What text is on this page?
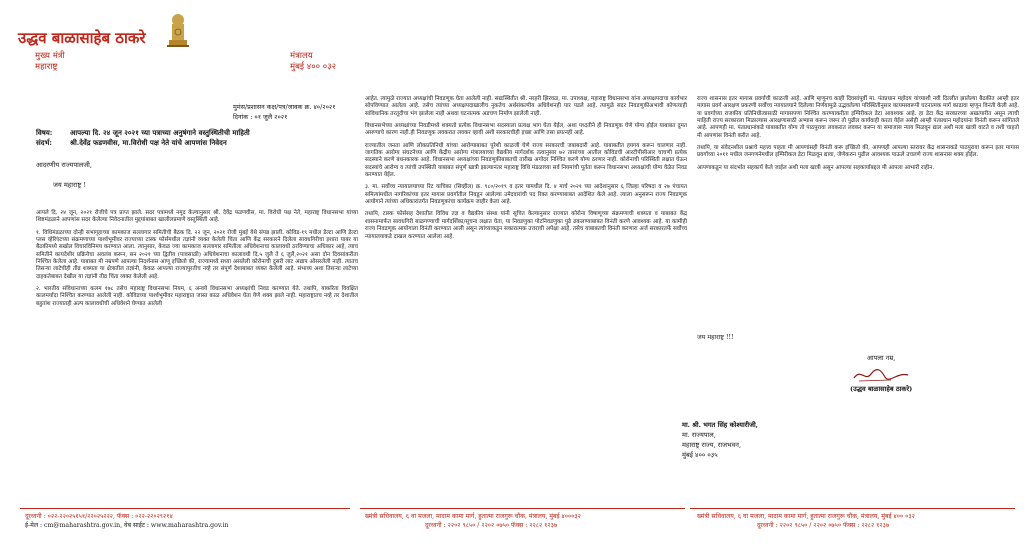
उद्धव बाळासाहेब ठाकरे
मुख्य मंत्री
महाराष्ट्र
मंत्रालय
मुंबई ४०० ०३२
मुमंस/प्रशासन कक्ष/पत्र/जावक क्र. ४०/२०२१
दिनांक : ०१ जुलै २०२१
विषय:	आपल्या दि. २४ जून २०२१ च्या पत्राच्या अनुषंगाने वस्तुस्थितीची माहिती
संदर्भ:	श्री.देवेंद्र फडणवीस, मा.विरोधी पक्ष नेते यांचे आपणांस निवेदन
आदरणीय राज्यपालजी,
जय महाराष्ट्र !

आपले दि. २४ जून, २०२१ रोजीचे पत्र प्राप्त झाले. सदर पत्रामध्ये नमूद केल्यानुसार श्री. देवेंद्र फडणवीस, मा. विरोधी पक्ष नेते, महाराष्ट्र विधानसभा यांच्या शिष्टमंडळाने आपणांस सदर केलेल्या निवेदनातील मुद्दयांबाबत खालीलप्रमाणे वस्तुस्थिती आहे.

१. विधिमंडळाच्या दोन्ही सभागृहाच्या कामकाज सल्लागार समितीची बैठक दि. २२ जून, २०२१ रोजी मुंबई येथे संपन्न झाली. कोविड-१९ मधील डेल्टा आणि डेल्टा प्लस व्हेरिएंटच्या संक्रमणाच्या पार्श्वभूमीवर राज्याच्या टास्क फोर्समधील तज्ञांनी व्यक्त केलेली चिंता आणि केंद्र सरकारने दिलेला सावधगिरीचा इशारा याबर या बैठकीमध्ये सखोल विचारविनिमय करण्यात आला. त्यानुसार, केवळ ज्या कामकाज सल्लागार समितीला अधिवेशनाचा कालावधी ठरविण्याचा अधिकार आहे, त्याच समितीने कायदेशीर प्रक्रियेचा अवलंब करून, सन २०२१ च्या द्वितीय (पावसाळी) अधिवेशनाचा कालावधी दि.५ जुलै ते ६ जुलै,२०२१ असा दोन दिवसांकरीता निश्चित केलेला आहे. याबाबत मी नम्रपणे आपल्या निदर्शनास आणू इच्छितो की, राज्यामध्ये सध्या असलेली कोरोनाची दुसरी लाट अद्याप ओसरलेली नाही. त्यातच तिसऱ्या लाटेचीही तीव्र शक्यता या क्षेत्रातील तज्ञांनी, केवळ आपल्या राज्यापुरतीच नव्हे तर संपूर्ण देशाबाबत व्यक्त केलेली आहे. संभाव्य अशा तिसऱ्या लाटेच्या दाहकतेबाबत देखील या तज्ञांनी तीव्र चिंता व्यक्त केलेली आहे.

२. भारतीय संविधानाच्या कलम १७८ तसेच महाराष्ट्र विधानसभा नियम, ६ अन्वये विधानसभा अध्यक्षांची निवड करण्यात येते. तथापि, याकरिता विवक्षित कालमर्यादा निश्चित करण्यात आलेली नाही. कोविडच्या पार्श्वभूमीवर महाराष्ट्रात जास्त काळ अधिवेशन घेता येणे शक्य झाले नाही. महाराष्ट्रातच नव्हे तर देशातील बहुतांश राज्यातही अल्प कालावधीची अधिवेशने घेण्यात आलेली

आहेत. त्यामुळे राज्यात अध्यक्षांची निवडणूक घेता आलेली नाही. सद्यःस्थितीत श्री. नरहरी झिरवळ, मा. उपाध्यक्ष, महाराष्ट्र विधानसभा यांना अध्यक्षपदाचा कार्यभार सोपविण्यात आलेला आहे. तसेच त्यांच्या अध्यक्षपदाखालीच नुकतेच अर्थसंकल्पीय अधिवेशनही पार पडले आहे. त्यामुळे सदर निवडणुकीअभावी कोणत्याही सांविधानिक तरतूदीचा भंग झालेला नाही अथवा घटनात्मक अडचण निर्माण झालेली नाही.

विधानसभेच्या अध्यक्षांच्या निवडीमध्ये शक्यतो प्रत्येक विधानसभा सदस्याला प्रत्यक्ष भाग घेता येईल, अशा पध्दतीने ही निवडणूक घेणे योग्य होईल याबाबत दुमत असण्याचे कारण नाही.ही निवडणूक लवकरात लवकर व्हावी अशी सरकारचीही इच्छा आणि तसा प्रयत्नही आहे.

राज्यातील जनता आणि लोकप्रतिनिधी यांच्या आरोग्याबाबत पुरेशी काळजी घेणे राज्य सरकारची जबाबदारी आहे. याबाबतीत हयगय करून चालणार नाही. जागतिक आरोग्य संघटनेच्या आणि केंद्रीय आरोग्य मंत्रालयाच्या वैद्यकीय मार्गदर्शक तत्वानुसार ७२ तासांच्या आतील कोविडची आरटीपीसीआर चाचणी प्रत्येक सदस्याने करणे बंधनकारक आहे. विधानसभा अध्यक्षांच्या निवडणुकीबाबतची तारीख अगोदर निश्चित करणे योग्य ठरणार नाही. कोरोनाची परिस्थिती लक्षात घेऊन सदस्यांचे आरोग्य व त्यांची उपस्थिती याबाबत संपूर्ण खात्री झाल्यानंतर महाराष्ट्र विधि मंडळाच्या सर्व नियमांची पूर्तता करून विधानसभा अध्यक्षांची योग्य वेळेत निवड करण्यात येईल.

३. मा. सर्वोच्च न्यायालयाच्या रिट याचिका (सिव्हील) क्र. ९८०/२०१९ व इतर यामधील दि. ४ मार्च २०२१ च्या आदेशानुसार ६ जिल्हा परिषदा व २७ पंचायत समित्यांमधील नागरिकांच्या इतर मागास प्रवर्गातील निवडून आलेल्या उमेदवारांची पद रिक्त करण्याबाबत आदेशित केले आहे. त्याला अनुसरून राज्य निवडणूक आयोगाने त्यांच्या अधिकारांतर्गत निवडणुकांचा कार्यक्रम जाहीर केला आहे.

तथापि, टास्क फोर्ससह देशातील विविध तज्ञ व वैद्यकीय संस्था यांनी सूचित केल्यानुसार राज्यात कोरोना विषाणूच्या संक्रमणाची शक्यता व याबाबत केंद्र शासनामार्फत सावधगिरी बाळगण्याची मार्गदर्शिका/सूचना लक्षात घेता, या निवडणुका पोटनिवडणुका पुढे ढकलण्याबाबत विनंती करणे आवश्यक आहे. या कामीही राज्य निवडणूक आयोगाला विनंती करण्यात आली असून त्यांच्याकडून सकारात्मक उत्तराची अपेक्षा आहे. तसेच याबाबतची विनंती करणारा अर्ज सरकारतर्फे सर्वोच्च न्यायालयाकडे दाखल करण्यात आलेला आहे.

राज्य शासनास इतर मागास प्रवर्गाची काळजी आहे. आणि म्हणूनच काही दिवसांपूर्वी मा. पंतप्रधान महोदय यांच्याशी नवी दिल्लीत झालेल्या बैठकीत आम्ही इतर मागास प्रवर्ग आरक्षण प्रकरणी सर्वोच्च न्यायालयाने दिलेल्या निर्णयामुळे उद्भवलेल्या परिस्थितीनुसार कायमस्वरूपी घटनात्मक मार्ग काढावा म्हणून विनंती केली आहे. या प्रवर्गाच्या राजकीय प्रतिनिधीत्वासाठी मागासपणा निश्चित करण्याकरीता इम्पिरीकल डेटा आवश्यक आहे. हा डेटा केंद्र सरकारच्या अखत्यारीत असून त्याची माहिती राज्य सरकारला मिळाल्यास आरक्षणासाठी अभ्यास करून जरूर तो पुढील कार्यवाही करता येईल असेही आम्ही पंतप्रधान महोदयांना विनंती करून सांगितले आहे. आपणही मा. पंतप्रधानांकडे याबाबतीत योग्य तो पाठपुरावा लवकरात लवकर करून या समाजास न्याय मिळवून द्याल अशी मला खात्री वाटते व तशी चाहतो मी आपणांस विनंती करीत आहे.

तथापि, या संवेदनशील प्रश्नाचे महत्त्व पाहता मी आपणांसही विनंती करू इच्छितो की, आपणही आपल्या स्तरावर केंद्र शासनाकडे पाठपुरावा करून इतर मागास प्रवर्गाच्या २०११ मधील जनगणनेमधील इम्पिरीकल डेटा मिळवून द्यावा, जेणेकरुन पुढील आवश्यक पाऊले उचलणे राज्य शासनास शक्य होईल.

आपणाकडून या संदर्भात सहकार्य केले जाईल अशी मला खात्री असून आपल्या सहकार्याबद्दल मी आपला आभारी राहीन.

जय महाराष्ट्र !!!
आपला नम्र,
(उद्धव बाळासाहेब ठाकरे)
मा. श्री. भगत सिंह कोश्यारीजी,
मा. राज्यपाल,
महाराष्ट्र राज्य, राजभवन,
मुंबई ४०० ०३५
दूरध्वनी : ०२२-२२०२५१५१/२२०२५२२२, फॅक्स : ०२२-२२०२९२१४
ई-मेल : cm@maharashtra.gov.in, वेब साईट : www.maharashtra.gov.in
ख्मंत्री सचिवालय, ६ वा मजला, मादाम कामा मार्ग, हुतात्मा राजगुरू चौक, मंत्रालय, मुंबई ४०००३२
दूरध्वनी : २२०२ ९८५० / २२०२ ०७५० फॅक्स : २२८२ १२३७
ख्मंत्री सचिवालय, ६ वा मजला, मादाम कामा मार्ग, हुतात्मा राजगुरू चौक, मंत्रालय, मुंबई ४०० ०३२
दूरध्वनी : २२०२ ९८५० / २२०२ ०७५० फॅक्स : २२८२ १२३७
